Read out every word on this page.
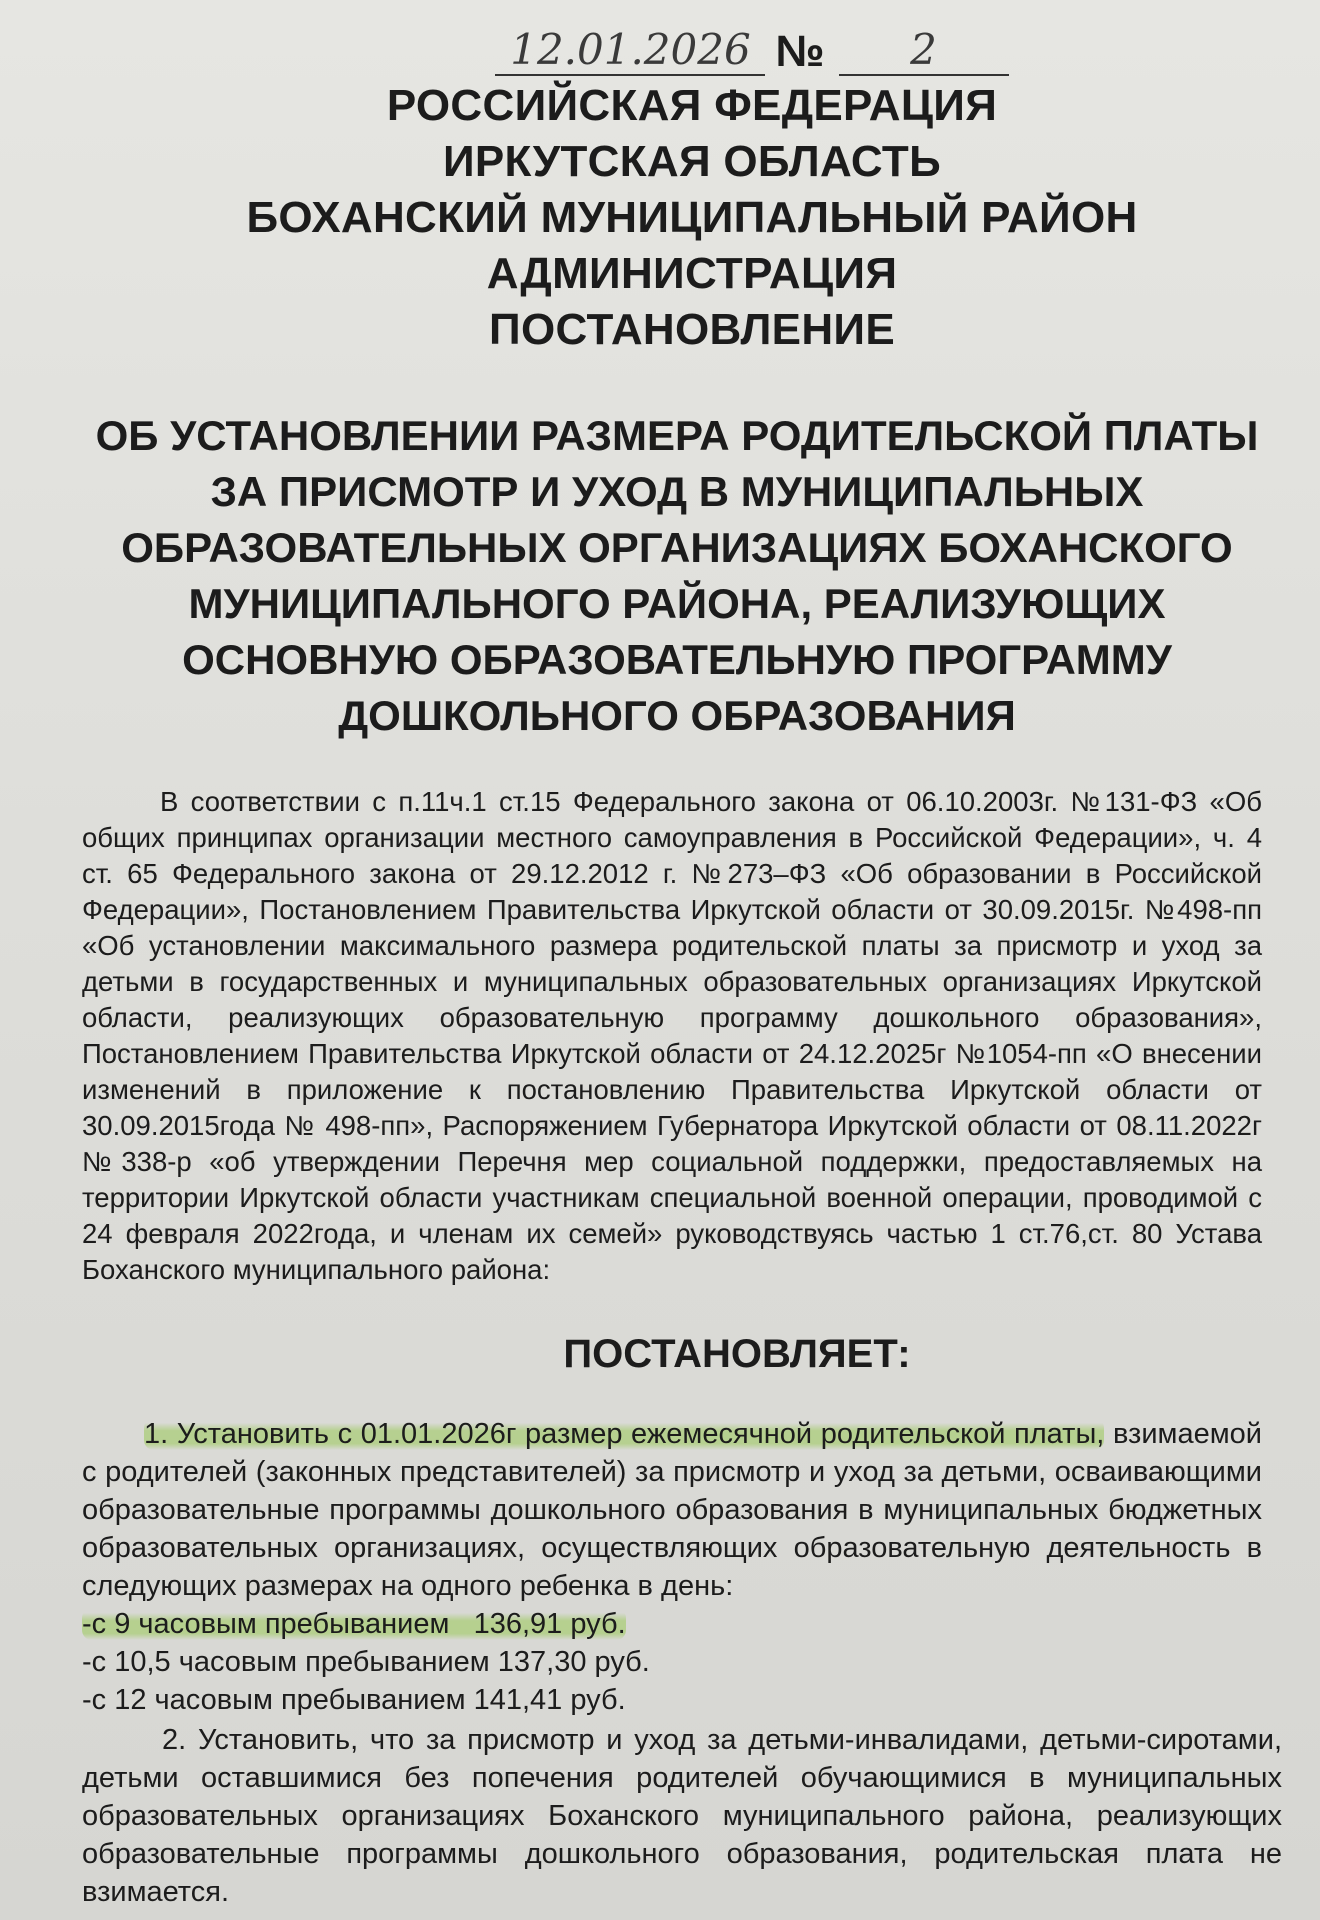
12.01.2026 №	2
РОССИЙСКАЯ ФЕДЕРАЦИЯ
ИРКУТСКАЯ ОБЛАСТЬ
БОХАНСКИЙ МУНИЦИПАЛЬНЫЙ РАЙОН
АДМИНИСТРАЦИЯ
ПОСТАНОВЛЕНИЕ
ОБ УСТАНОВЛЕНИИ РАЗМЕРА РОДИТЕЛЬСКОЙ ПЛАТЫ ЗА ПРИСМОТР И УХОД В МУНИЦИПАЛЬНЫХ ОБРАЗОВАТЕЛЬНЫХ ОРГАНИЗАЦИЯХ БОХАНСКОГО МУНИЦИПАЛЬНОГО РАЙОНА, РЕАЛИЗУЮЩИХ ОСНОВНУЮ ОБРАЗОВАТЕЛЬНУЮ ПРОГРАММУ ДОШКОЛЬНОГО ОБРАЗОВАНИЯ
В соответствии с п.11ч.1 ст.15 Федерального закона от 06.10.2003г. №131-ФЗ «Об общих принципах организации местного самоуправления в Российской Федерации», ч. 4 ст. 65 Федерального закона от 29.12.2012 г. №273–ФЗ «Об образовании в Российской Федерации», Постановлением Правительства Иркутской области от 30.09.2015г. №498-пп «Об установлении максимального размера родительской платы за присмотр и уход за детьми в государственных и муниципальных образовательных организациях Иркутской области, реализующих образовательную программу дошкольного образования», Постановлением Правительства Иркутской области от 24.12.2025г №1054-пп «О внесении изменений в приложение к постановлению Правительства Иркутской области от 30.09.2015года № 498-пп», Распоряжением Губернатора Иркутской области от 08.11.2022г №338-р «об утверждении Перечня мер социальной поддержки, предоставляемых на территории Иркутской области участникам специальной военной операции, проводимой с 24 февраля 2022года, и членам их семей» руководствуясь частью 1 ст.76,ст. 80 Устава Боханского муниципального района:
ПОСТАНОВЛЯЕТ:
1. Установить с 01.01.2026г размер ежемесячной родительской платы, взимаемой с родителей (законных представителей) за присмотр и уход за детьми, осваивающими образовательные программы дошкольного образования в муниципальных бюджетных образовательных организациях, осуществляющих образовательную деятельность в следующих размерах на одного ребенка в день:
-с 9 часовым пребыванием   136,91 руб.
-с 10,5 часовым пребыванием 137,30 руб.
-с 12 часовым пребыванием 141,41 руб.
2. Установить, что за присмотр и уход за детьми-инвалидами, детьми-сиротами, детьми оставшимися без попечения родителей обучающимися в муниципальных образовательных организациях Боханского муниципального района, реализующих образовательные программы дошкольного образования, родительская плата не взимается.
